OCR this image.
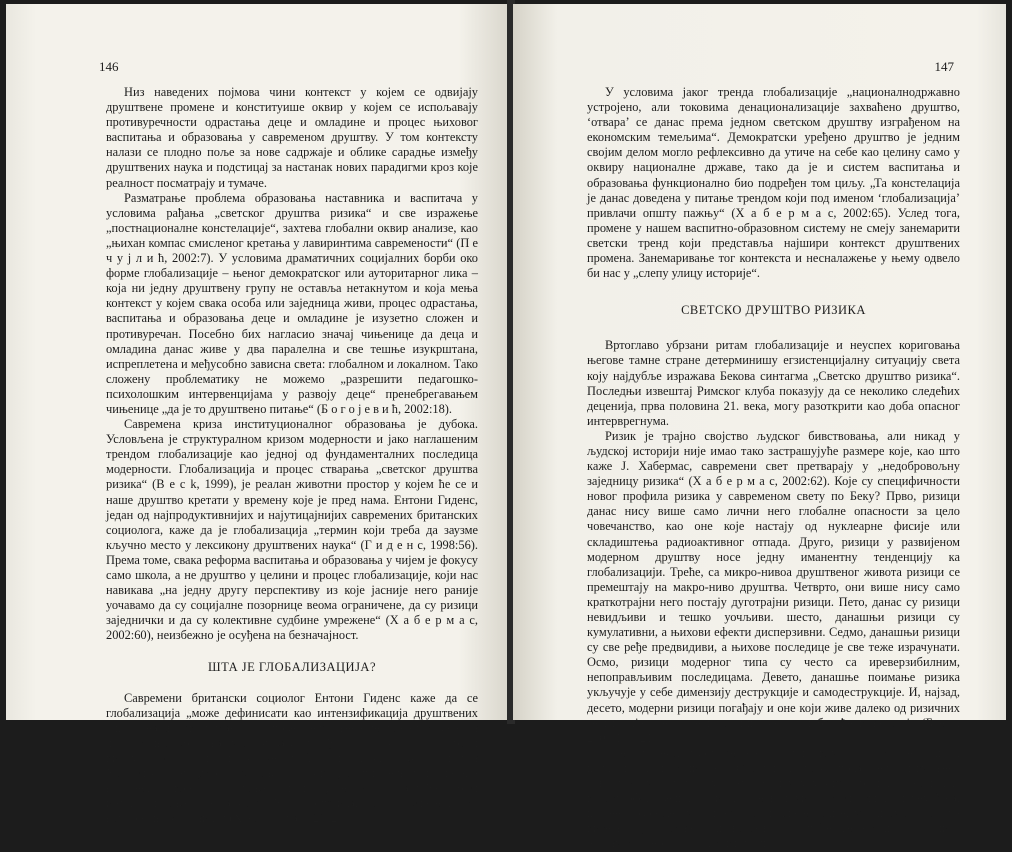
146

Низ наведених појмова чини контекст у којем се одвијају друштвене промене и конституише оквир у којем се испољавају противуречности одрастања деце и омладине и процес њиховог васпитања и образовања у савременом друштву. У том контексту налази се плодно поље за нове садржаје и облике сарадње између друштвених наука и подстицај за настанак нових парадигми кроз које реалност посматрају и тумаче.

Разматрање проблема образовања наставника и васпитача у условима рађања „светског друштва ризика“ и све изражење „постнационалне констелације“, захтева глобални оквир анализе, као „њихан компас смисленог кретања у лавиринтима савремености“ (П е ч у ј л и ћ, 2002:7). У условима драматичних социјалних борби око форме глобализације – њеног демократског или ауторитарног лика – која ни једну друштвену групу не оставља нетакнутом и која мења контекст у којем свака особа или заједница живи, процес одрастања, васпитања и образовања деце и омладине је изузетно сложен и противуречан. Посебно бих нагласио значај чињенице да деца и омладина данас живе у два паралелна и све тешње изукрштана, испреплетена и међусобно зависна света: глобалном и локалном. Тако сложену проблематику не можемо „разрешити педагошко-психолошким интервенцијама у развоју деце“ пренебрегавањем чињенице „да је то друштвено питање“ (Б о г о ј е в и ћ, 2002:18).

Савремена криза институционалног образовања је дубока. Условљена је структуралном кризом модерности и јако наглашеним трендом глобализације као једној од фундаменталних последица модерности. Глобализација и процес стварања „светског друштва ризика“ (B e c k, 1999), је реалан животни простор у којем ће се и наше друштво кретати у времену које је пред нама. Ентони Гиденс, један од најпродуктивнијих и најутицајнијих савремених британских социолога, каже да је глобализација „термин који треба да заузме кључно место у лексикону друштвених наука“ (Г и д е н с, 1998:56). Према томе, свака реформа васпитања и образовања у чијем је фокусу само школа, а не друштво у целини и процес глобализације, који нас навикава „на једну другу перспективу из које јасније него раније уочавамо да су социјалне позорнице веома ограничене, да су ризици заједнички и да су колективне судбине умрежене“ (Х а б е р м а с, 2002:60), неизбежно је осуђена на безначајност.

ШТА ЈЕ ГЛОБАЛИЗАЦИЈА?

Савремени британски социолог Ентони Гиденс каже да се глобализација „може дефинисати као интензификација друштвених односа на светском плану, која повезује удаљена места на такав начин да локална збивања уобличавају догађаји који су се одиграли километрима далеко и vice versa“ (Г и д е н с, 1998:69). Јирген Хабермас појам „глобализовање“ користи „за опис једног процеса, а не неког коначног стања“, који „обележава растуће обим интензивирања односа саобраћаја, комуникација и размене преко националних граница“ (Х а б е р м а с, 2002:70).

147

У условима јаког тренда глобализације „националнодржавно устројено, али токовима денационализације захваћено друштво, ‘отвара’ се данас према једном светском друштву изграђеном на економским темељима“. Демократски уређено друштво је једним својим делом могло рефлексивно да утиче на себе као целину само у оквиру националне државе, тако да је и систем васпитања и образовања функционално био подређен том циљу. „Та констелација је данас доведена у питање трендом који под именом ‘глобализација’ привлачи општу пажњу“ (Х а б е р м а с, 2002:65). Услед тога, промене у нашем васпитно-образовном систему не смеју занемарити светски тренд који представља најшири контекст друштвених промена. Занемаривање тог контекста и несналажење у њему одвело би нас у „слепу улицу историје“.

СВЕТСКО ДРУШТВО РИЗИКА

Вртоглаво убрзани ритам глобализације и неуспех кориговања његове тамне стране детерминишу егзистенцијалну ситуацију света коју најдубље изражава Бекова синтагма „Светско друштво ризика“. Последњи извештај Римског клуба показују да се неколико следећих деценија, прва половина 21. века, могу разоткрити као доба опасног интерврегнума.

Ризик је трајно својство људског бивствовања, али никад у људској историји није имао тако застрашујуће размере које, као што каже Ј. Хабермас, савремени свет претварају у „недобровољну заједницу ризика“ (Х а б е р м а с, 2002:62). Које су специфичности новог профила ризика у савременом свету по Беку? Прво, ризици данас нису више само лични него глобалне опасности за цело човечанство, као оне које настају од нуклеарне фисије или складиштења радиоактивног отпада. Друго, ризици у развијеном модерном друштву носе једну иманентну тенденцију ка глобализацији. Треће, са микро-нивоа друштвеног живота ризици се премештају на макро-ниво друштва. Четврто, они више нису само краткотрајни него постају дуготрајни ризици. Пето, данас су ризици невидљиви и тешко уочљиви. шесто, данашњи ризици су кумулативни, а њихови ефекти дисперзивни. Седмо, данашњи ризици су све ређе предвидиви, а њихове последице је све теже израчунати. Осмо, ризици модерног типа су често са иреверзибилним, непоправљивим последицама. Девето, данашње поимање ризика укључује у себе димензију деструкције и самодеструкције. И, најзад, десето, модерни ризици погађају и оне који живе далеко од ризичних територија а њихове последице сносе и будуће генерације (Б е к, 2001:17–121).

Пред човечанством се налазе три круга ризика: екołошки, шехнолошки и социјални. Сва три круга су показатељи изгубљене равнотеже у савременом свету. На првом месту је ризик од еколошке катастрофе, великих и непредвидивих климатских поремећаја, ширења озонске рупе и ефекта стаклене баште, уништавања извора кисеоника, фаталне осушивање воде за пиће. Технолошки ризици у ери нуклеарног, биолошког и хемиј-
